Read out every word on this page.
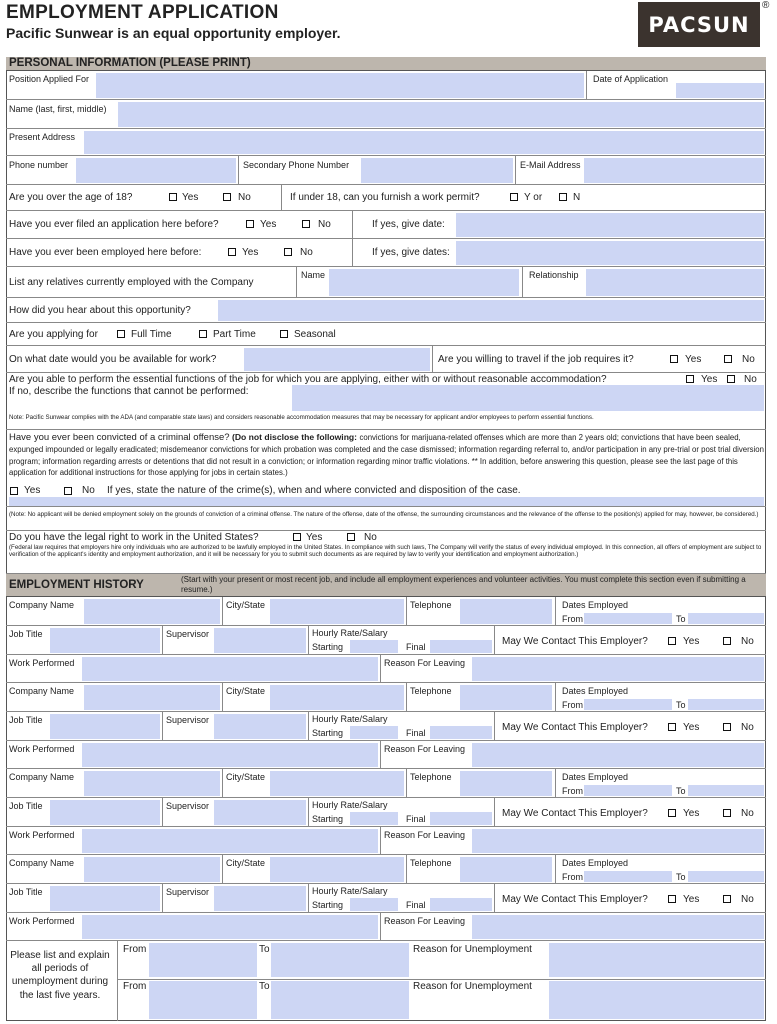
EMPLOYMENT APPLICATION
Pacific Sunwear is an equal opportunity employer.	PACSUN
®
PERSONAL INFORMATION (PLEASE PRINT)
Position Applied For	Date of Application
Name (last, first, middle)
Present Address
Phone number	Secondary Phone Number	E-Mail Address
Are you over the age of 18?	Yes	No	If under 18, can you furnish a work permit?	Y or	N
Have you ever filed an application here before?	Yes	No	If yes, give date:
Have you ever been employed here before:	Yes	No	If yes, give dates:
List any relatives currently employed with the Company
Name	Relationship
How did you hear about this opportunity?
Are you applying for	Full Time	Part Time	Seasonal
On what date would you be available for work?	Are you willing to travel if the job requires it?	Yes	No
Are you able to perform the essential functions of the job for which you are applying, either with or without reasonable accommodation?	Yes	No
If no, describe the functions that cannot be performed:
Note: Pacific Sunwear complies with the ADA (and comparable state laws) and considers reasonable accommodation measures that may be necessary for applicant and/or employees to perform essential functions.
Have you ever been convicted of a criminal offense? (Do not disclose the following: convictions for marijuana-related offenses which are more than 2 years old; convictions that have been sealed, expunged impounded or legally eradicated; misdemeanor convictions for which probation was completed and the case dismissed; information regarding referral to, and/or participation in any pre-trial or post trial diversion program; information regarding arrests or detentions that did not result in a conviction; or information regarding minor traffic violations. ** In addition, before answering this question, please see the last page of this application for additional instructions for those applying for jobs in certain states.)
Yes	No If yes, state the nature of the crime(s), when and where convicted and disposition of the case.
(Note: No applicant will be denied employment solely on the grounds of conviction of a criminal offense. The nature of the offense, date of the offense, the surrounding circumstances and the relevance of the offense to the position(s) applied for may, however, be considered.)
Do you have the legal right to work in the United States?	Yes	No
(Federal law requires that employers hire only individuals who are authorized to be lawfully employed in the United States. In compliance with such laws, The Company will verify the status of every individual employed. In this connection, all offers of employment are subject to verification of the applicant's identity and employment authorization, and it will be necessary for you to submit such documents as are required by law to verify your identification and employment authorization.)
EMPLOYMENT HISTORY	(Start with your present or most recent job, and include all employment experiences and volunteer activities. You must complete this section even if submitting a resume.)
Company Name	City/State	Telephone	Dates Employed
From	To
Job Title	Supervisor	Hourly Rate/Salary
Starting	Final	May We Contact This Employer?	Yes	No
Work Performed	Reason For Leaving
Company Name	City/State	Telephone	Dates Employed
From	To
Job Title	Supervisor	Hourly Rate/Salary
Starting	Final	May We Contact This Employer?	Yes	No
Work Performed	Reason For Leaving
Company Name	City/State	Telephone	Dates Employed
From	To
Job Title	Supervisor	Hourly Rate/Salary
Starting	Final	May We Contact This Employer?	Yes	No
Work Performed	Reason For Leaving
Company Name	City/State	Telephone	Dates Employed
From	To
Job Title	Supervisor	Hourly Rate/Salary
Starting	Final	May We Contact This Employer?	Yes	No
Work Performed	Reason For Leaving
Please list and explain all periods of unemployment during the last five years.
From	To	Reason for Unemployment
From	To	Reason for Unemployment
